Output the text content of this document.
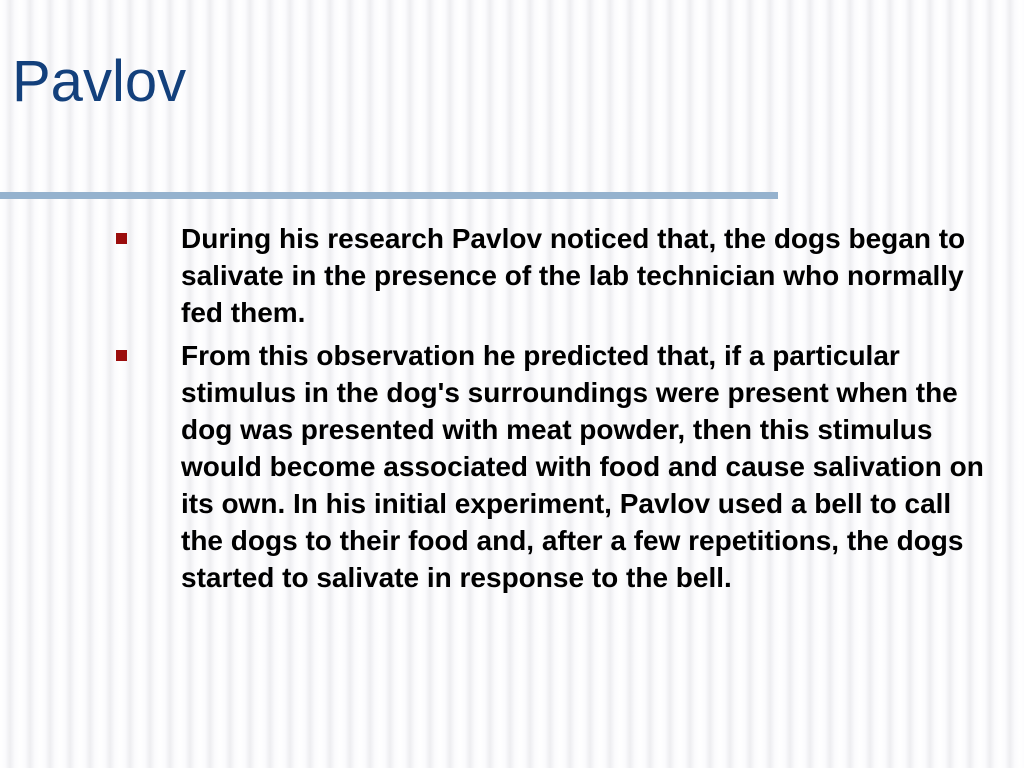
Pavlov
During his research Pavlov noticed that, the dogs began to salivate in the presence of the lab technician who normally fed them.
From this observation he predicted that, if a particular stimulus in the dog's surroundings were present when the dog was presented with meat powder, then this stimulus would become associated with food and cause salivation on its own. In his initial experiment, Pavlov used a bell to call the dogs to their food and, after a few repetitions, the dogs started to salivate in response to the bell.
